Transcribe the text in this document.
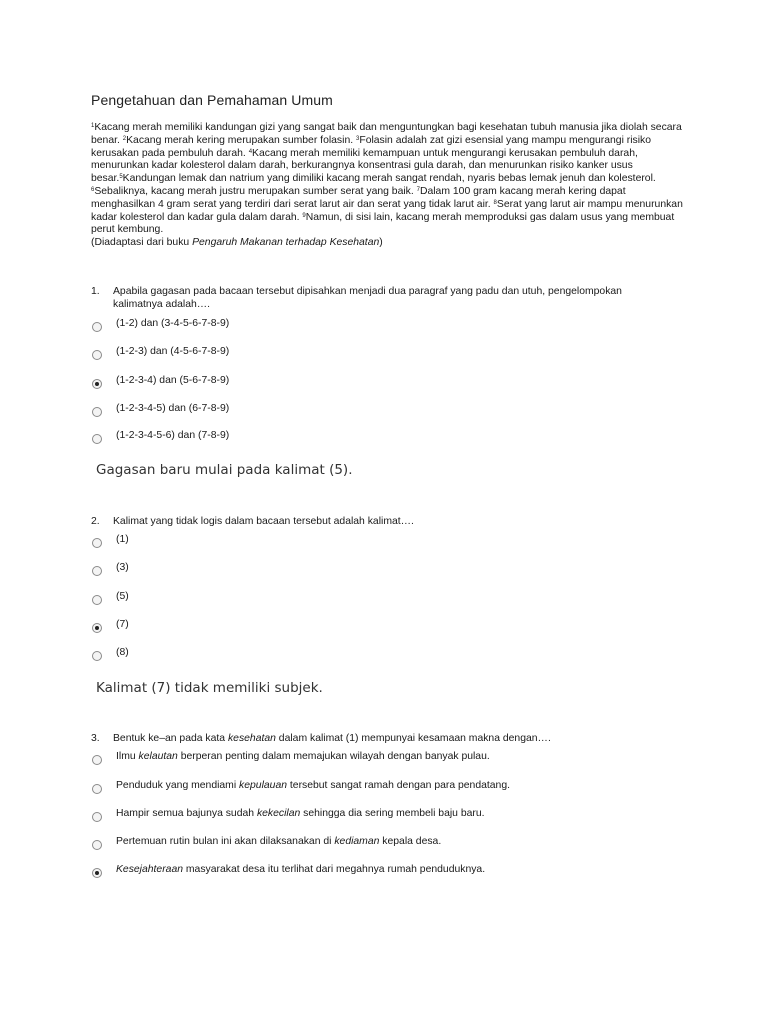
Pengetahuan dan Pemahaman Umum
$^1$Kacang merah memiliki kandungan gizi yang sangat baik dan menguntungkan bagi kesehatan tubuh manusia jika diolah secara benar. $^2$Kacang merah kering merupakan sumber folasin. $^3$Folasin adalah zat gizi esensial yang mampu mengurangi risiko kerusakan pada pembuluh darah. $^4$Kacang merah memiliki kemampuan untuk mengurangi kerusakan pembuluh darah, menurunkan kadar kolesterol dalam darah, berkurangnya konsentrasi gula darah, dan menurunkan risiko kanker usus besar.$^5$Kandungan lemak dan natrium yang dimiliki kacang merah sangat rendah, nyaris bebas lemak jenuh dan kolesterol. $^6$Sebaliknya, kacang merah justru merupakan sumber serat yang baik. $^7$Dalam 100 gram kacang merah kering dapat menghasilkan 4 gram serat yang terdiri dari serat larut air dan serat yang tidak larut air. $^8$Serat yang larut air mampu menurunkan kadar kolesterol dan kadar gula dalam darah. $^9$Namun, di sisi lain, kacang merah memproduksi gas dalam usus yang membuat perut kembung.
(Diadaptasi dari buku Pengaruh Makanan terhadap Kesehatan)
1. Apabila gagasan pada bacaan tersebut dipisahkan menjadi dua paragraf yang padu dan utuh, pengelompokan
kalimatnya adalah….
(1-2) dan (3-4-5-6-7-8-9)
(1-2-3) dan (4-5-6-7-8-9)
(1-2-3-4) dan (5-6-7-8-9)
(1-2-3-4-5) dan (6-7-8-9)
(1-2-3-4-5-6) dan (7-8-9)
Gagasan baru mulai pada kalimat (5).
2. Kalimat yang tidak logis dalam bacaan tersebut adalah kalimat….
(1)
(3)
(5)
(7)
(8)
Kalimat (7) tidak memiliki subjek.
3. Bentuk ke–an pada kata kesehatan dalam kalimat (1) mempunyai kesamaan makna dengan….
Ilmu kelautan berperan penting dalam memajukan wilayah dengan banyak pulau.
Penduduk yang mendiami kepulauan tersebut sangat ramah dengan para pendatang.
Hampir semua bajunya sudah kekecilan sehingga dia sering membeli baju baru.
Pertemuan rutin bulan ini akan dilaksanakan di kediaman kepala desa.
Kesejahteraan masyarakat desa itu terlihat dari megahnya rumah penduduknya.
